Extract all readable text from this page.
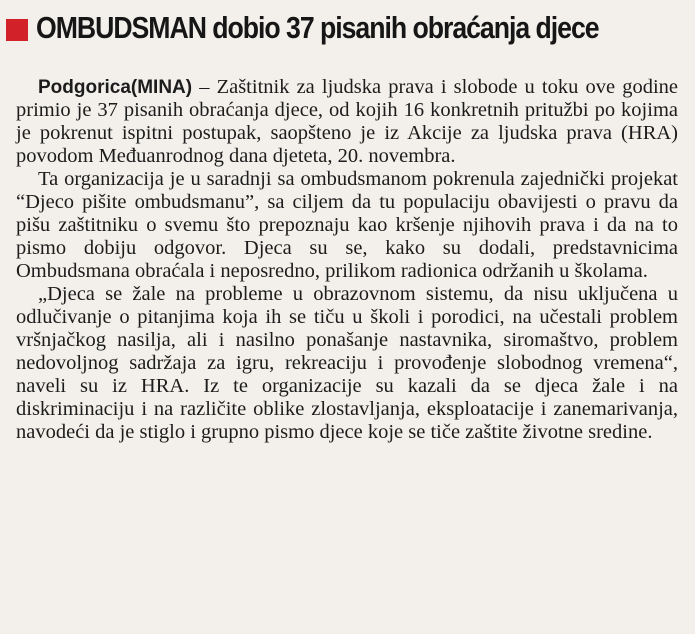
OMBUDSMAN dobio 37 pisanih obraćanja djece

Podgorica(MINA) – Zaštitnik za ljudska prava i slobode u toku ove godine primio je 37 pisanih obraćanja djece, od kojih 16 konkretnih pritužbi po kojima je pokrenut ispitni postupak, saopšteno je iz Akcije za ljudska prava (HRA) povodom Međuanrodnog dana djeteta, 20. novembra.

Ta organizacija je u saradnji sa ombudsmanom pokrenula zajednički projekat “Djeco pišite ombudsmanu”, sa ciljem da tu populaciju obavijesti o pravu da pišu zaštitniku o svemu što prepoznaju kao kršenje njihovih prava i da na to pismo dobiju odgovor. Djeca su se, kako su dodali, predstavnicima Ombudsmana obraćala i neposredno, prilikom radionica održanih u školama.

„Djeca se žale na probleme u obrazovnom sistemu, da nisu uključena u odlučivanje o pitanjima koja ih se tiču u školi i porodici, na učestali problem vršnjačkog nasilja, ali i nasilno ponašanje nastavnika, siromaštvo, problem nedovoljnog sadržaja za igru, rekreaciju i provođenje slobodnog vremena“, naveli su iz HRA. Iz te organizacije su kazali da se djeca žale i na diskriminaciju i na različite oblike zlostavljanja, eksploatacije i zanemarivanja, navodeći da je stiglo i grupno pismo djece koje se tiče zaštite životne sredine.
